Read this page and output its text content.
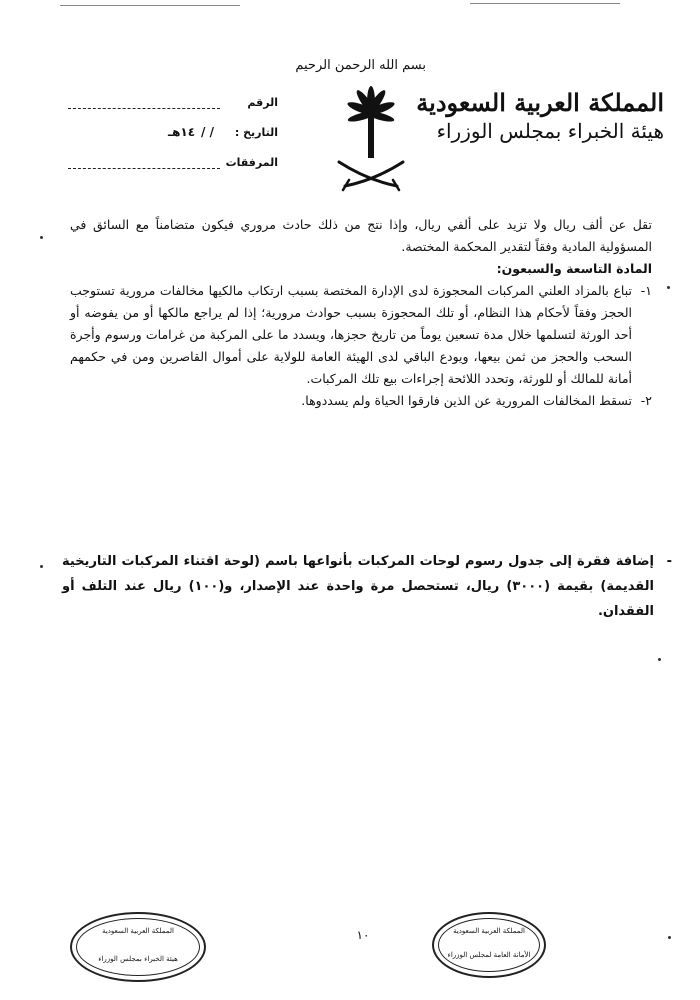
المملكة العربية السعودية
هيئة الخبراء بمجلس الوزراء
بسم الله الرحمن الرحيم
الرقم
التاريخ :
/ /١٤هـ
المرفقات

تقل عن ألف ريال ولا تزيد على ألفي ريال، وإذا نتج من ذلك حادث مروري فيكون متضامناً مع السائق في المسؤولية المادية وفقاً لتقدير المحكمة المختصة.

المادة التاسعة والسبعون:

١-

تباع بالمزاد العلني المركبات المحجوزة لدى الإدارة المختصة بسبب ارتكاب مالكيها مخالفات مرورية تستوجب الحجز وفقاً لأحكام هذا النظام، أو تلك المحجوزة بسبب حوادث مرورية؛ إذا لم يراجع مالكها أو من يفوضه أو أحد الورثة لتسلمها خلال مدة تسعين يوماً من تاريخ حجزها، ويسدد ما على المركبة من غرامات ورسوم وأجرة السحب والحجز من ثمن بيعها، ويودع الباقي لدى الهيئة العامة للولاية على أموال القاصرين ومن في حكمهم أمانة للمالك أو للورثة، وتحدد اللائحة إجراءات بيع تلك المركبات.

٢-

تسقط المخالفات المرورية عن الذين فارقوا الحياة ولم يسددوها.

-

إضافة فقرة إلى جدول رسوم لوحات المركبات بأنواعها باسم (لوحة اقتناء المركبات التاريخية القديمة) بقيمة (٣٠٠٠) ريال، تستحصل مرة واحدة عند الإصدار، و(١٠٠) ريال عند التلف أو الفقدان.

١٠
المملكة العربية السعودية
هيئة الخبراء بمجلس الوزراء
المملكة العربية السعودية
الأمانة العامة لمجلس الوزراء
